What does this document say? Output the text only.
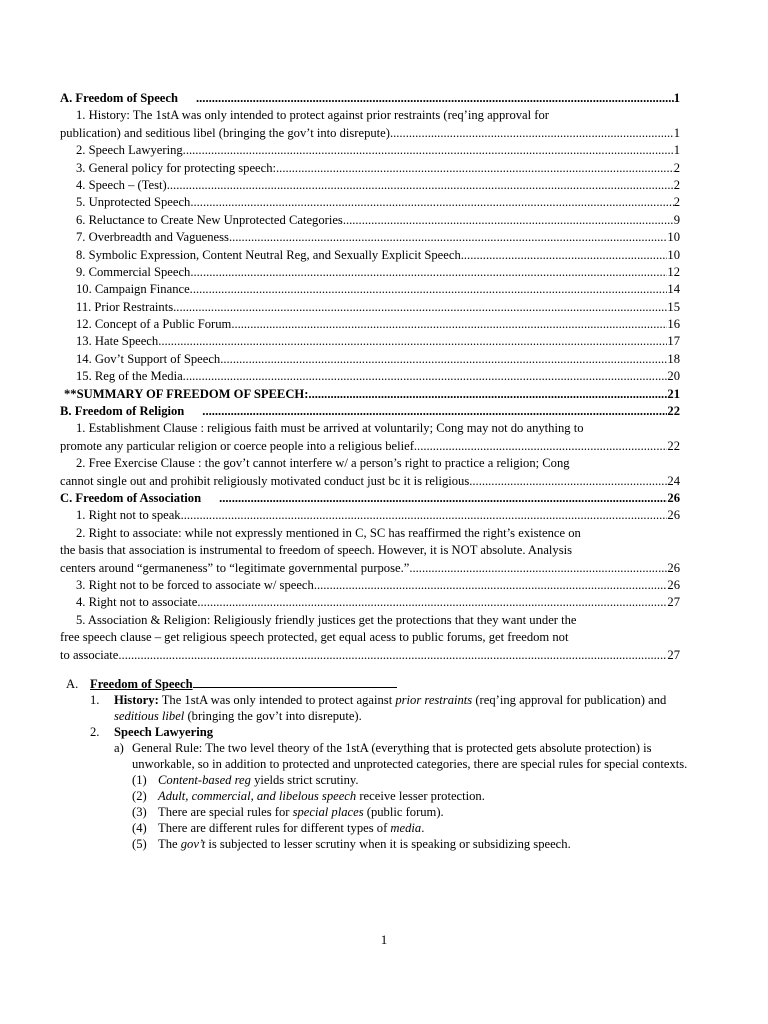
A. Freedom of Speech .....	1
1. History: The 1stA was only intended to protect against prior restraints (req’ing approval for
publication) and seditious libel (bringing the gov’t into disrepute) .....	1
2. Speech Lawyering .....	1
3. General policy for protecting speech: .....	2
4. Speech – (Test) .....	2
5. Unprotected Speech .....	2
6. Reluctance to Create New Unprotected Categories .....	9
7. Overbreadth and Vagueness .....	10
8. Symbolic Expression, Content Neutral Reg, and Sexually Explicit Speech .....	10
9. Commercial Speech .....	12
10. Campaign Finance .....	14
11. Prior Restraints .....	15
12. Concept of a Public Forum .....	16
13. Hate Speech .....	17
14. Gov’t Support of Speech .....	18
15. Reg of the Media .....	20
**SUMMARY OF FREEDOM OF SPEECH: .....	21
B. Freedom of Religion .....	22
1. Establishment Clause : religious faith must be arrived at voluntarily; Cong may not do anything to
promote any particular religion or coerce people into a religious belief .....	22
2. Free Exercise Clause : the gov’t cannot interfere w/ a person’s right to practice a religion; Cong
cannot single out and prohibit religiously motivated conduct just bc it is religious .....	24
C. Freedom of Association .....	26
1. Right not to speak .....	26
2. Right to associate: while not expressly mentioned in C, SC has reaffirmed the right’s existence on
the basis that association is instrumental to freedom of speech. However, it is NOT absolute. Analysis
centers around “germaneness” to “legitimate governmental purpose.” .....	26
3. Right not to be forced to associate w/ speech .....	26
4. Right not to associate .....	27
5. Association & Religion: Religiously friendly justices get the protections that they want under the
free speech clause – get religious speech protected, get equal acess to public forums, get freedom not
to associate .....	27
A. Freedom of Speech
1.	History: The 1stA was only intended to protect against prior restraints (req’ing approval for publication) and seditious libel (bringing the gov’t into disrepute).
2.	Speech Lawyering
a) General Rule: The two level theory of the 1stA (everything that is protected gets absolute protection) is unworkable, so in addition to protected and unprotected categories, there are special rules for special contexts.
(1) Content-based reg yields strict scrutiny.
(2) Adult, commercial, and libelous speech receive lesser protection.
(3) There are special rules for special places (public forum).
(4) There are different rules for different types of media.
(5) The gov’t is subjected to lesser scrutiny when it is speaking or subsidizing speech.
1
